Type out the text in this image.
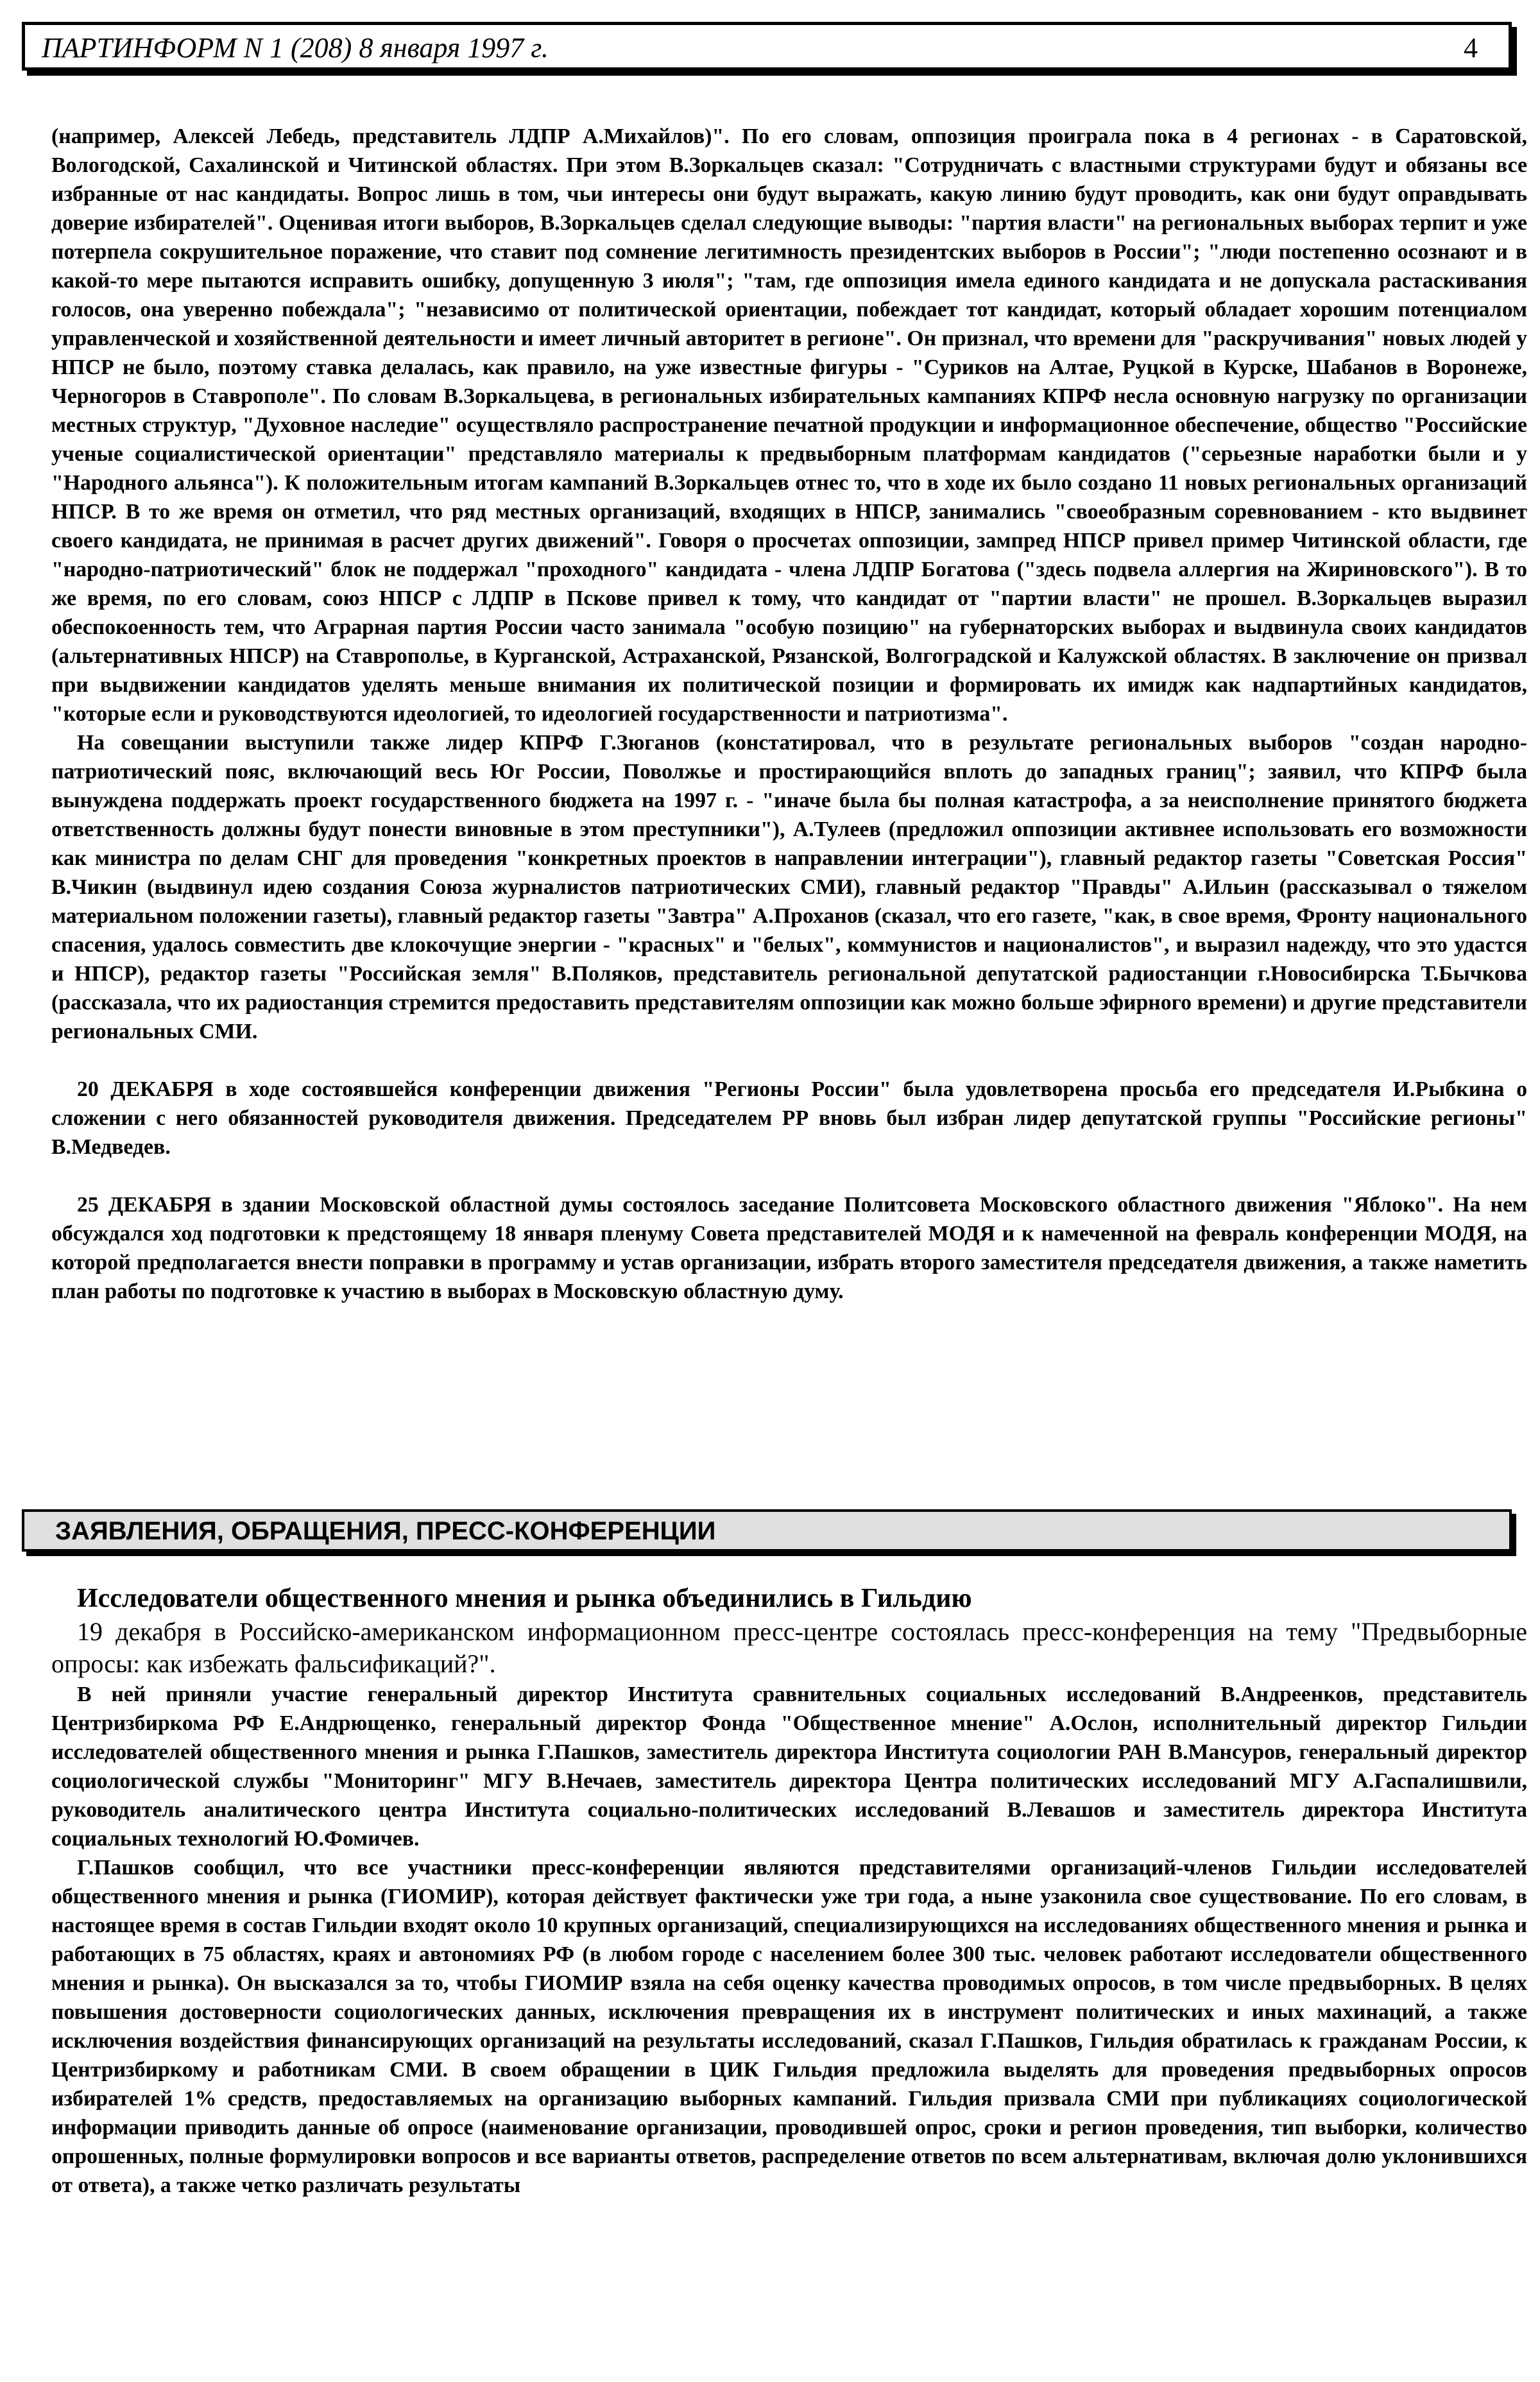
ПАРТИНФОРМ N 1 (208) 8 января 1997 г.	4

(например, Алексей Лебедь, представитель ЛДПР А.Михайлов)". По его словам, оппозиция проиграла пока в 4 регионах - в Саратовской, Вологодской, Сахалинской и Читинской областях. При этом В.Зоркальцев сказал: "Сотрудничать с властными структурами будут и обязаны все избранные от нас кандидаты. Вопрос лишь в том, чьи интересы они будут выражать, какую линию будут проводить, как они будут оправдывать доверие избирателей". Оценивая итоги выборов, В.Зоркальцев сделал следующие выводы: "партия власти" на региональных выборах терпит и уже потерпела сокрушительное поражение, что ставит под сомнение легитимность президентских выборов в России"; "люди постепенно осознают и в какой-то мере пытаются исправить ошибку, допущенную 3 июля"; "там, где оппозиция имела единого кандидата и не допускала растаскивания голосов, она уверенно побеждала"; "независимо от политической ориентации, побеждает тот кандидат, который обладает хорошим потенциалом управленческой и хозяйственной деятельности и имеет личный авторитет в регионе". Он признал, что времени для "раскручивания" новых людей у НПСР не было, поэтому ставка делалась, как правило, на уже известные фигуры - "Суриков на Алтае, Руцкой в Курске, Шабанов в Воронеже, Черногоров в Ставрополе". По словам В.Зоркальцева, в региональных избирательных кампаниях КПРФ несла основную нагрузку по организации местных структур, "Духовное наследие" осуществляло распространение печатной продукции и информационное обеспечение, общество "Российские ученые социалистической ориентации" представляло материалы к предвыборным платформам кандидатов ("серьезные наработки были и у "Народного альянса"). К положительным итогам кампаний В.Зоркальцев отнес то, что в ходе их было создано 11 новых региональных организаций НПСР. В то же время он отметил, что ряд местных организаций, входящих в НПСР, занимались "своеобразным соревнованием - кто выдвинет своего кандидата, не принимая в расчет других движений". Говоря о просчетах оппозиции, зампред НПСР привел пример Читинской области, где "народно-патриотический" блок не поддержал "проходного" кандидата - члена ЛДПР Богатова ("здесь подвела аллергия на Жириновского"). В то же время, по его словам, союз НПСР с ЛДПР в Пскове привел к тому, что кандидат от "партии власти" не прошел. В.Зоркальцев выразил обеспокоенность тем, что Аграрная партия России часто занимала "особую позицию" на губернаторских выборах и выдвинула своих кандидатов (альтернативных НПСР) на Ставрополье, в Курганской, Астраханской, Рязанской, Волгоградской и Калужской областях. В заключение он призвал при выдвижении кандидатов уделять меньше внимания их политической позиции и формировать их имидж как надпартийных кандидатов, "которые если и руководствуются идеологией, то идеологией государственности и патриотизма".

На совещании выступили также лидер КПРФ Г.Зюганов (констатировал, что в результате региональных выборов "создан народно-патриотический пояс, включающий весь Юг России, Поволжье и простирающийся вплоть до западных границ"; заявил, что КПРФ была вынуждена поддержать проект государственного бюджета на 1997 г. - "иначе была бы полная катастрофа, а за неисполнение принятого бюджета ответственность должны будут понести виновные в этом преступники"), А.Тулеев (предложил оппозиции активнее использовать его возможности как министра по делам СНГ для проведения "конкретных проектов в направлении интеграции"), главный редактор газеты "Советская Россия" В.Чикин (выдвинул идею создания Союза журналистов патриотических СМИ), главный редактор "Правды" А.Ильин (рассказывал о тяжелом материальном положении газеты), главный редактор газеты "Завтра" А.Проханов (сказал, что его газете, "как, в свое время, Фронту национального спасения, удалось совместить две клокочущие энергии - "красных" и "белых", коммунистов и националистов", и выразил надежду, что это удастся и НПСР), редактор газеты "Российская земля" В.Поляков, представитель региональной депутатской радиостанции г.Новосибирска Т.Бычкова (рассказала, что их радиостанция стремится предоставить представителям оппозиции как можно больше эфирного времени) и другие представители региональных СМИ.

20 ДЕКАБРЯ в ходе состоявшейся конференции движения "Регионы России" была удовлетворена просьба его председателя И.Рыбкина о сложении с него обязанностей руководителя движения. Председателем РР вновь был избран лидер депутатской группы "Российские регионы" В.Медведев.

25 ДЕКАБРЯ в здании Московской областной думы состоялось заседание Политсовета Московского областного движения "Яблоко". На нем обсуждался ход подготовки к предстоящему 18 января пленуму Совета представителей МОДЯ и к намеченной на февраль конференции МОДЯ, на которой предполагается внести поправки в программу и устав организации, избрать второго заместителя председателя движения, а также наметить план работы по подготовке к участию в выборах в Московскую областную думу.

ЗАЯВЛЕНИЯ, ОБРАЩЕНИЯ, ПРЕСС-КОНФЕРЕНЦИИ
Исследователи общественного мнения и рынка объединились в Гильдию

19 декабря в Российско-американском информационном пресс-центре состоялась пресс-конференция на тему "Предвыборные опросы: как избежать фальсификаций?".

В ней приняли участие генеральный директор Института сравнительных социальных исследований В.Андреенков, представитель Центризбиркома РФ Е.Андрющенко, генеральный директор Фонда "Общественное мнение" А.Ослон, исполнительный директор Гильдии исследователей общественного мнения и рынка Г.Пашков, заместитель директора Института социологии РАН В.Мансуров, генеральный директор социологической службы "Мониторинг" МГУ В.Нечаев, заместитель директора Центра политических исследований МГУ А.Гаспалишвили, руководитель аналитического центра Института социально-политических исследований В.Левашов и заместитель директора Института социальных технологий Ю.Фомичев.

Г.Пашков сообщил, что все участники пресс-конференции являются представителями организаций-членов Гильдии исследователей общественного мнения и рынка (ГИОМИР), которая действует фактически уже три года, а ныне узаконила свое существование. По его словам, в настоящее время в состав Гильдии входят около 10 крупных организаций, специализирующихся на исследованиях общественного мнения и рынка и работающих в 75 областях, краях и автономиях РФ (в любом городе с населением более 300 тыс. человек работают исследователи общественного мнения и рынка). Он высказался за то, чтобы ГИОМИР взяла на себя оценку качества проводимых опросов, в том числе предвыборных. В целях повышения достоверности социологических данных, исключения превращения их в инструмент политических и иных махинаций, а также исключения воздействия финансирующих организаций на результаты исследований, сказал Г.Пашков, Гильдия обратилась к гражданам России, к Центризбиркому и работникам СМИ. В своем обращении в ЦИК Гильдия предложила выделять для проведения предвыборных опросов избирателей 1% средств, предоставляемых на организацию выборных кампаний. Гильдия призвала СМИ при публикациях социологической информации приводить данные об опросе (наименование организации, проводившей опрос, сроки и регион проведения, тип выборки, количество опрошенных, полные формулировки вопросов и все варианты ответов, распределение ответов по всем альтернативам, включая долю уклонившихся от ответа), а также четко различать результаты
